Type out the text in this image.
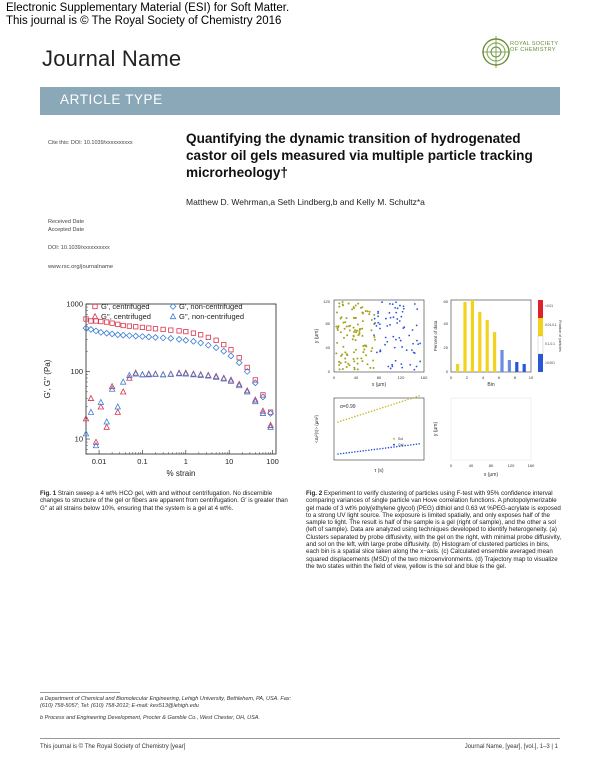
Electronic Supplementary Material (ESI) for Soft Matter.
This journal is © The Royal Society of Chemistry 2016
Journal Name
ROYAL SOCIETY
OF CHEMISTRY
ARTICLE TYPE
Cite this: DOI: 10.1039/xxxxxxxxxx
Received Date
Accepted Date
DOI: 10.1039/xxxxxxxxxx
www.rsc.org/journalname
Quantifying the dynamic transition of hydrogenated castor oil gels measured via multiple particle tracking microrheology†
Matthew D. Wehrman,a Seth Lindberg,b and Kelly M. Schultz*a
0.01	0.1	1	10	100
10
100
1000 G', centrifuged
G'', centrifuged
G', non-centrifuged
G'', non-centrifuged
% strain
G', G'' (Pa)
Fig. 1 Strain sweep a 4 wt% HCO gel, with and without centrifugation. No discernible changes to structure of the gel or fibers are apparent from centrifugation. G' is greater than G'' at all strains below 10%, ensuring that the system is a gel at 4 wt%.
x (μm)
y (μm)
0	40	80	120	160
0
40
80
120
Bin
Percent of data
0	2	4	6	8	10
0
20
40
60
<0.01
0.01-0.1
0.1-0.1
>0.001
Fraction of particles
α=0.99
Sol
Gel
τ (s)
<Δr²(τ)> (μm²)
x (μm)
y (μm)
0	40	80	120	160
Fig. 2 Experiment to verify clustering of particles using F-test with 95% confidence interval comparing variances of single particle van Hove correlation functions. A photopolymerizable gel made of 3 wt% poly(ethylene glycol) (PEG) dithiol and 0.63 wt %PEG-acrylate is exposed to a strong UV light source. The exposure is limited spatially, and only exposes half of the sample to light. The result is half of the sample is a gel (right of sample), and the other a sol (left of sample). Data are analyzed using techniques developed to identify heterogeneity. (a) Clusters separated by probe diffusivity, with the gel on the right, with minimal probe diffusivity, and sol on the left, with large probe diffusivity. (b) Histogram of clustered particles in bins, each bin is a spatial slice taken along the x−axis. (c) Calculated ensemble averaged mean squared displacements (MSD) of the two microenvironments. (d) Trajectory map to visualize the two states within the field of view, yellow is the sol and blue is the gel.
a Department of Chemical and Biomolecular Engineering, Lehigh University, Bethlehem, PA, USA. Fax: (610) 758-5057; Tel: (610) 758-2012; E-mail: kes513@lehigh.edu
b Process and Engineering Development, Procter & Gamble Co., West Chester, OH, USA.
This journal is © The Royal Society of Chemistry [year]	Journal Name, [year], [vol.], 1–3 | 1
